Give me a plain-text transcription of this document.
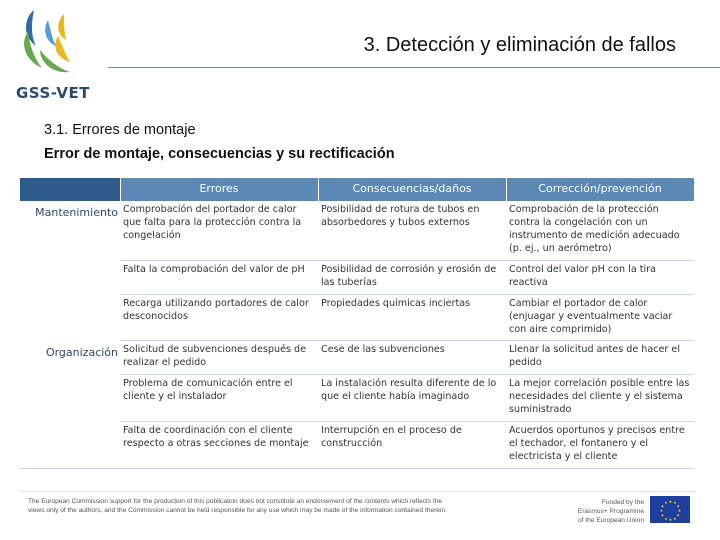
GSS-VET
3. Detección y eliminación de fallos
3.1. Errores de montaje
Error de montaje, consecuencias y su rectificación
	Errores	Consecuencias/daños	Corrección/prevención
Mantenimiento	Comprobación del portador de calor que falta para la protección contra la congelación	Posibilidad de rotura de tubos en absorbedores y tubos externos	Comprobación de la protección contra la congelación con un instrumento de medición adecuado (p. ej., un aerómetro)
	Falta la comprobación del valor de pH	Posibilidad de corrosión y erosión de las tuberías	Control del valor pH con la tira reactiva
	Recarga utilizando portadores de calor desconocidos	Propiedades químicas inciertas	Cambiar el portador de calor (enjuagar y eventualmente vaciar con aire comprimido)
Organización	Solicitud de subvenciones después de realizar el pedido	Cese de las subvenciones	Llenar la solicitud antes de hacer el pedido
	Problema de comunicación entre el cliente y el instalador	La instalación resulta diferente de lo que el cliente había imaginado	La mejor correlación posible entre las necesidades del cliente y el sistema suministrado
	Falta de coordinación con el cliente respecto a otras secciones de montaje	Interrupción en el proceso de construcción	Acuerdos oportunos y precisos entre el techador, el fontanero y el electricista y el cliente
The European Commission support for the production of this publication does not constitute an endorsement of the contents which reflects the views only of the authors, and the Commission cannot be held responsible for any use which may be made of the information contained therein.
Funded by the
Erasmus+ Programme
of the European Union
★ ★
★
★
★
★
★
★
★
★
★
★
